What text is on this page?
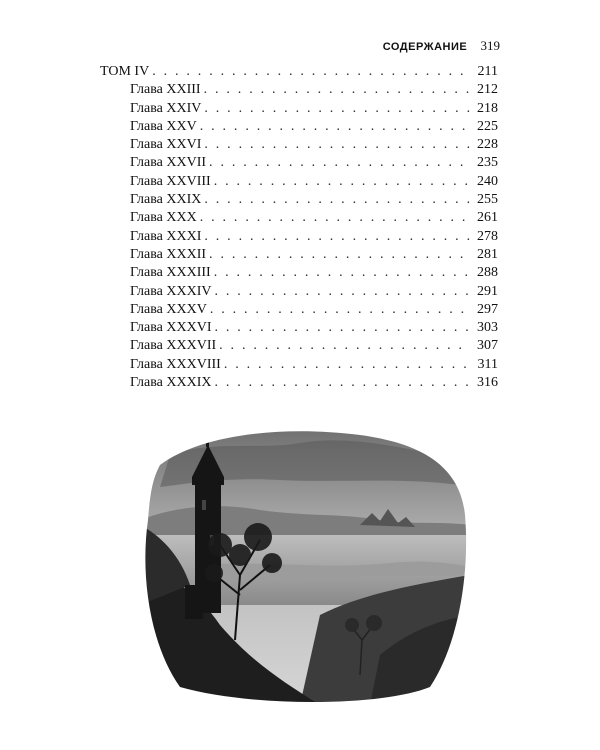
СОДЕРЖАНИЕ 319
ТОМ IV . . .	211
Глава XXIII . . .	212
Глава XXIV . . .	218
Глава XXV . . .	225
Глава XXVI . . .	228
Глава XXVII . . .	235
Глава XXVIII . . .	240
Глава XXIX . . .	255
Глава XXX . . .	261
Глава XXXI . . .	278
Глава XXXII . . .	281
Глава XXXIII . . .	288
Глава XXXIV . . .	291
Глава XXXV . . .	297
Глава XXXVI . . .	303
Глава XXXVII . . .	307
Глава XXXVIII . . .	311
Глава XXXIX . . .	316
